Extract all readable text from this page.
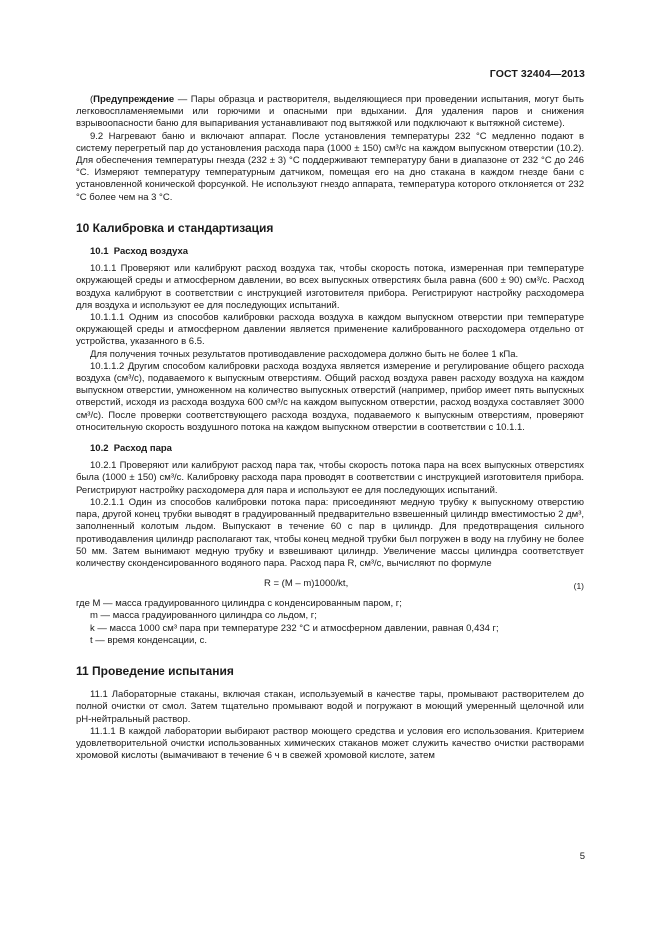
ГОСТ 32404—2013

(Предупреждение — Пары образца и растворителя, выделяющиеся при проведении испытания, могут быть легковоспламеняемыми или горючими и опасными при вдыхании. Для удаления паров и снижения взрывоопасности баню для выпаривания устанавливают под вытяжкой или подключают к вытяжной системе).

9.2 Нагревают баню и включают аппарат. После установления температуры 232 °С медленно подают в систему перегретый пар до установления расхода пара (1000 ± 150) см³/с на каждом выпускном отверстии (10.2). Для обеспечения температуры гнезда (232 ± 3) °С поддерживают температуру бани в диапазоне от 232 °С до 246 °С. Измеряют температуру температурным датчиком, помещая его на дно стакана в каждом гнезде бани с установленной конической форсункой. Не используют гнездо аппарата, температура которого отклоняется от 232 °С более чем на 3 °С.

10 Калибровка и стандартизация
10.1 Расход воздуха

10.1.1 Проверяют или калибруют расход воздуха так, чтобы скорость потока, измеренная при температуре окружающей среды и атмосферном давлении, во всех выпускных отверстиях была равна (600 ± 90) см³/с. Расход воздуха калибруют в соответствии с инструкцией изготовителя прибора. Регистрируют настройку расходомера для воздуха и используют ее для последующих испытаний.

10.1.1.1 Одним из способов калибровки расхода воздуха в каждом выпускном отверстии при температуре окружающей среды и атмосферном давлении является применение калиброванного расходомера отдельно от устройства, указанного в 6.5.

Для получения точных результатов противодавление расходомера должно быть не более 1 кПа.

10.1.1.2 Другим способом калибровки расхода воздуха является измерение и регулирование общего расхода воздуха (см³/с), подаваемого к выпускным отверстиям. Общий расход воздуха равен расходу воздуха на каждом выпускном отверстии, умноженном на количество выпускных отверстий (например, прибор имеет пять выпускных отверстий, исходя из расхода воздуха 600 см³/с на каждом выпускном отверстии, расход воздуха составляет 3000 см³/с). После проверки соответствующего расхода воздуха, подаваемого к выпускным отверстиям, проверяют относительную скорость воздушного потока на каждом выпускном отверстии в соответствии с 10.1.1.

10.2 Расход пара

10.2.1 Проверяют или калибруют расход пара так, чтобы скорость потока пара на всех выпускных отверстиях была (1000 ± 150) см³/с. Калибровку расхода пара проводят в соответствии с инструкцией изготовителя прибора. Регистрируют настройку расходомера для пара и используют ее для последующих испытаний.

10.2.1.1 Один из способов калибровки потока пара: присоединяют медную трубку к выпускному отверстию пара, другой конец трубки выводят в градуированный предварительно взвешенный цилиндр вместимостью 2 дм³, заполненный колотым льдом. Выпускают в течение 60 с пар в цилиндр. Для предотвращения сильного противодавления цилиндр располагают так, чтобы конец медной трубки был погружен в воду на глубину не более 50 мм. Затем вынимают медную трубку и взвешивают цилиндр. Увеличение массы цилиндра соответствует количеству сконденсированного водяного пара. Расход пара R, см³/с, вычисляют по формуле

R = (M – m)1000/kt,	(1)

где M — масса градуированного цилиндра с конденсированным паром, г;

m — масса градуированного цилиндра со льдом, г;

k — масса 1000 см³ пара при температуре 232 °С и атмосферном давлении, равная 0,434 г;

t — время конденсации, с.

11 Проведение испытания

11.1 Лабораторные стаканы, включая стакан, используемый в качестве тары, промывают растворителем до полной очистки от смол. Затем тщательно промывают водой и погружают в моющий умеренный щелочной или рН-нейтральный раствор.

11.1.1 В каждой лаборатории выбирают раствор моющего средства и условия его использования. Критерием удовлетворительной очистки использованных химических стаканов может служить качество очистки растворами хромовой кислоты (вымачивают в течение 6 ч в свежей хромовой кислоте, затем

5
